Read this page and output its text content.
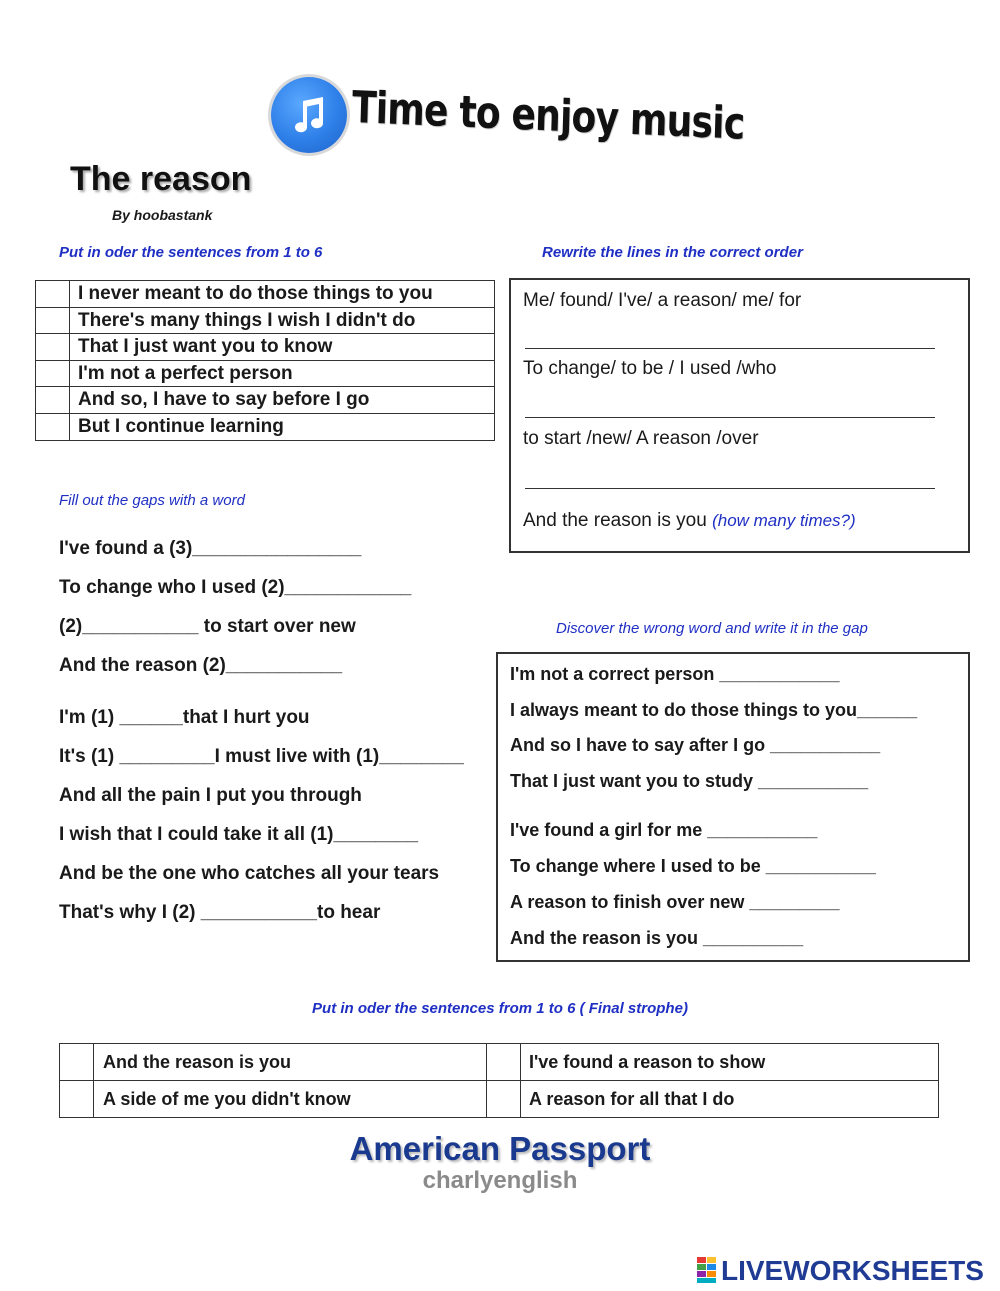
Time to enjoy music
The reason
By hoobastank
Put in oder the sentences from 1 to 6
	I never meant to do those things to you
	There's many things I wish I didn't do
	That I just want you to know
	I'm not a perfect person
	And so, I have to say before I go
	But I continue learning
Rewrite the lines in the correct order
Me/ found/ I've/ a reason/ me/ for
To change/ to be / I used /who
to start /new/ A reason /over
And the reason is you (how many times?)
Fill out the gaps with a word
I've found a (3)________________
To change who I used (2)____________
(2)___________ to start over new
And the reason (2)___________
I'm (1) ______that I hurt you
It's (1) _________I must live with (1)________
And all the pain I put you through
I wish that I could take it all (1)________
And be the one who catches all your tears
That's why I (2) ___________to hear
Discover the wrong word and write it in the gap
I'm not a correct person ____________
I always meant to do those things to you______
And so I have to say after I go ___________
That I just want you to study ___________
I've found a girl for me ___________
To change where I used to be ___________
A reason to finish over new _________
And the reason is you __________
Put in oder the sentences from 1 to 6 ( Final strophe)
	And the reason is you		I've found a reason to show
	A side of me you didn't know		A reason for all that I do
American Passport
charlyenglish
LIVEWORKSHEETS
